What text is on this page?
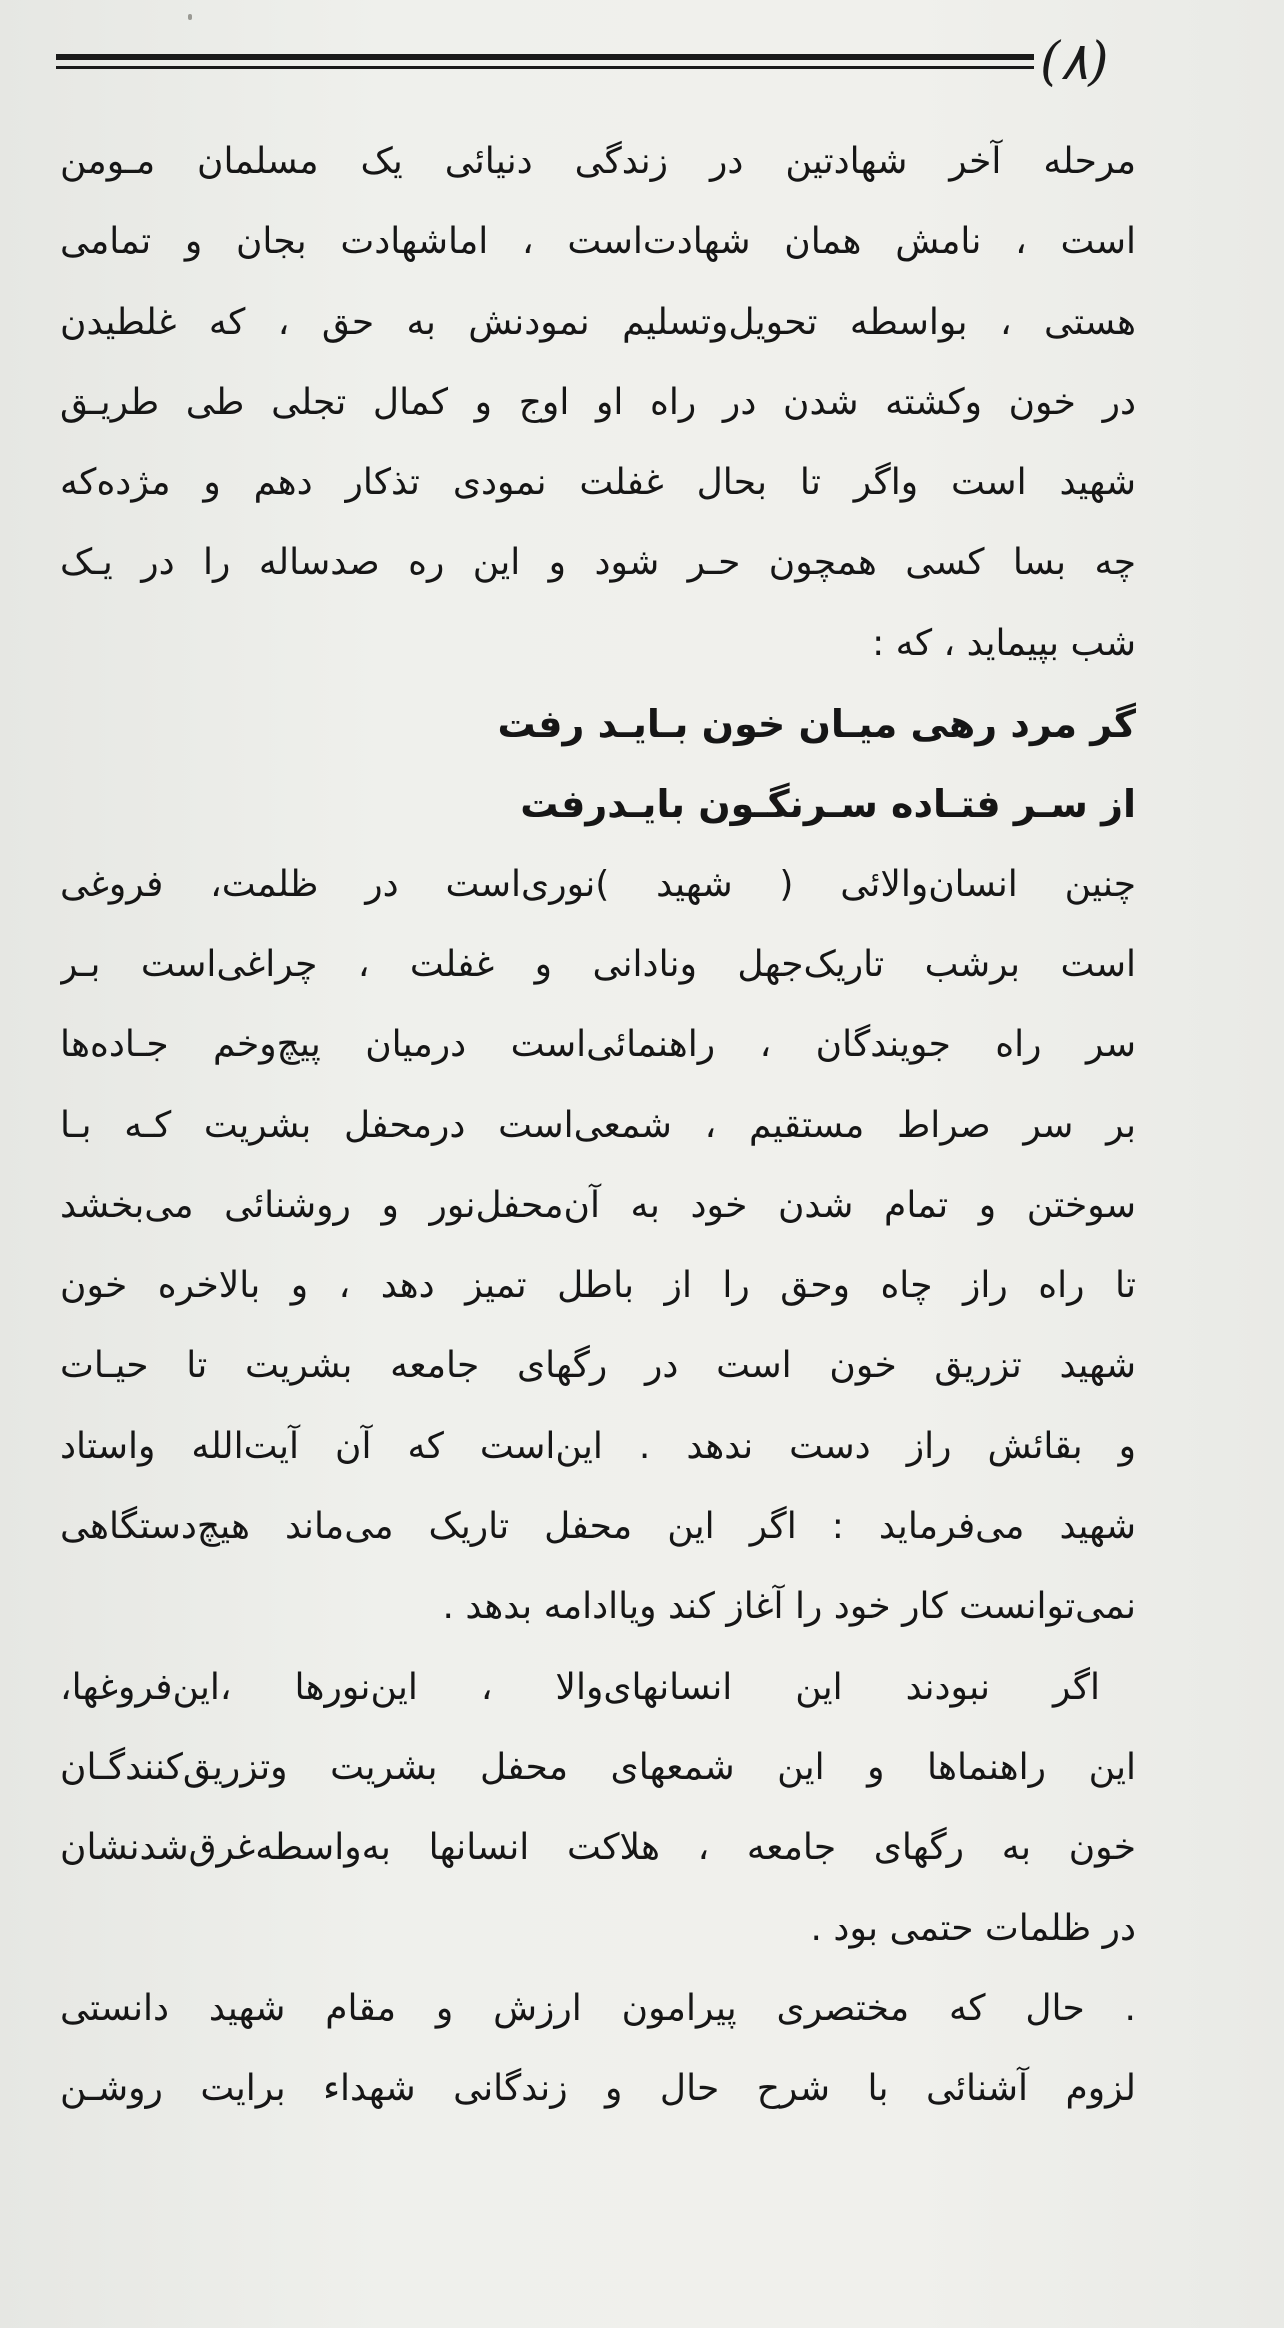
(٨)
مرحله آخر شهادتین در زندگی دنیائی یک مسلمان مـومن
است ، نامش همان شهادت‌است ، اماشهادت بجان و تمامی
هستی ، بواسطه تحویل‌وتسلیم نمودنش به حق ، که غلطیدن
در خون وکشته شدن در راه او اوج و کمال تجلی طی طریـق
شهید است واگر تا بحال غفلت نمودی تذکار دهم و مژده‌که
چه بسا کسی همچون حـر شود و این ره صدساله را در یـک
شب بپیماید ، که :
گر مرد رهی میـان خون بـایـد رفت
از سـر فتـاده سـرنگـون بایـدرفت
چنین انسان‌والائی ( شهید )نوری‌است در ظلمت، فروغی
است برشب تاریک‌جهل ونادانی و غفلت ، چراغی‌است بـر
سر راه جویندگان ، راهنمائی‌است درمیان پیچ‌وخم جـاده‌ها
بر سر صراط مستقیم ، شمعی‌است درمحفل بشریت کـه بـا
سوختن و تمام شدن خود به آن‌محفل‌نور و روشنائی می‌بخشد
تا راه راز چاه وحق را از باطل تمیز دهد ، و بالاخره خون
شهید تزریق خون است در رگهای جامعه بشریت تا حیـات
و بقائش راز دست ندهد . این‌است که آن آیت‌الله واستاد
شهید می‌فرماید : اگر این محفل تاریک می‌ماند هیچ‌دستگاهی
نمی‌توانست کار خود را آغاز کند ویاادامه بدهد .
اگر نبودند این انسانهای‌والا ، این‌نورها ،این‌فروغها،
این راهنماها و این شمعهای محفل بشریت وتزریق‌کنندگـان
خون به رگهای جامعه ، هلاکت انسانها به‌واسطه‌غرق‌شدنشان
در ظلمات حتمی بود .
. حال که مختصری پیرامون ارزش و مقام شهید دانستی
لزوم آشنائی با شرح حال و زندگانی شهداء برایت روشـن
